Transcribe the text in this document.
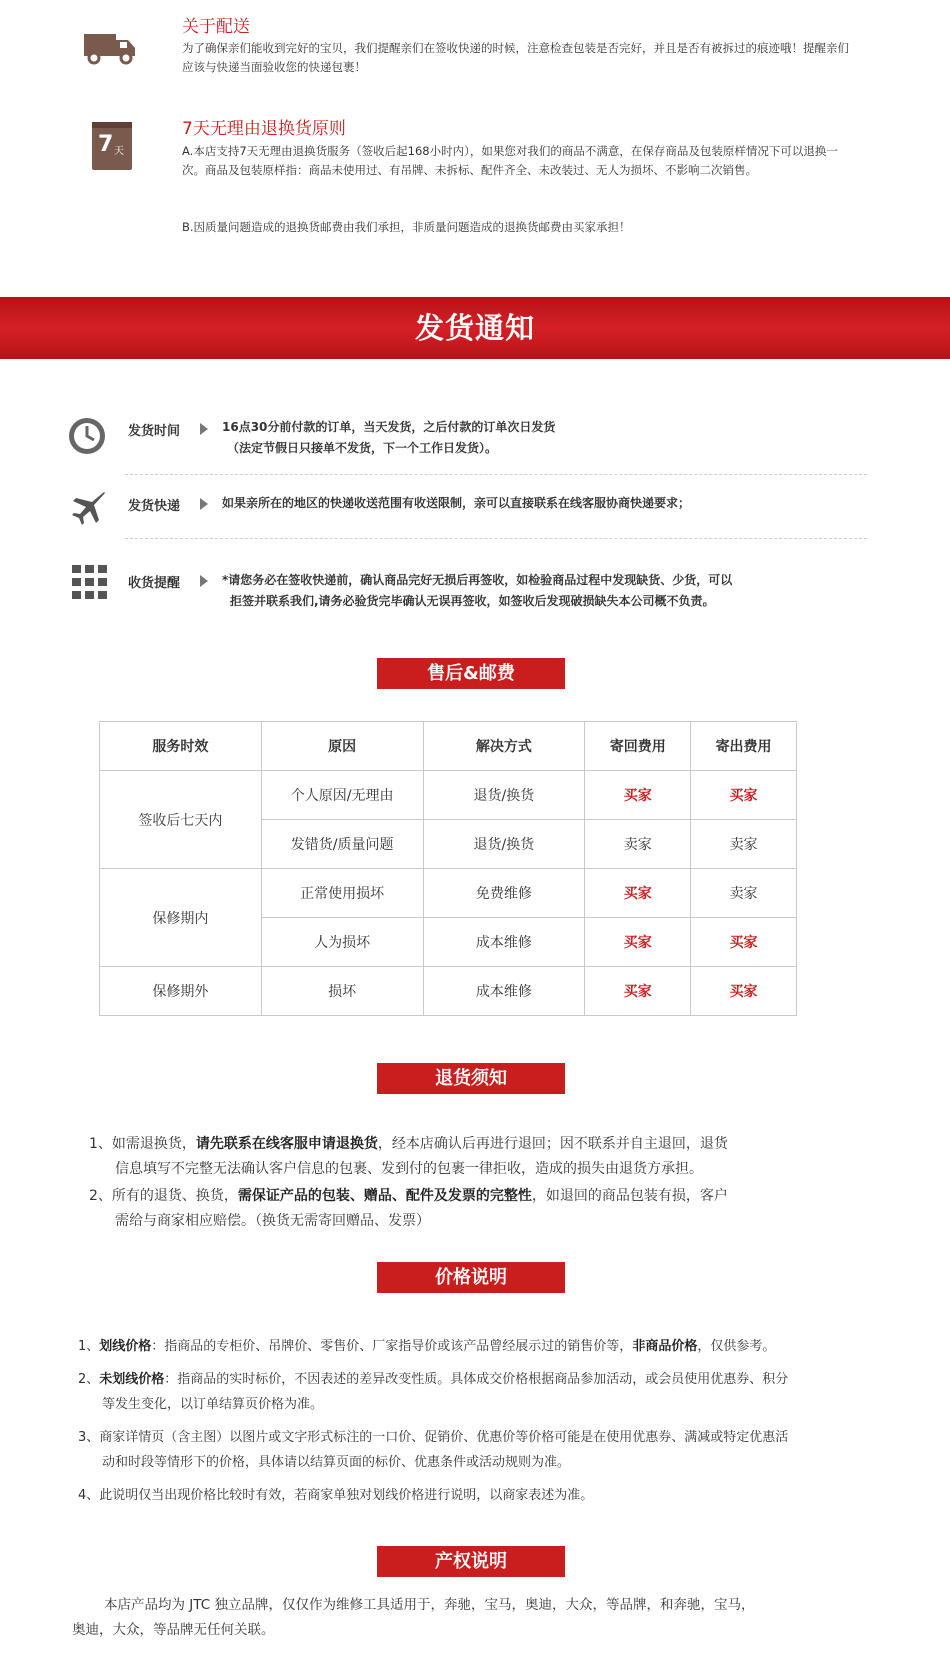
关于配送
为了确保亲们能收到完好的宝贝，我们提醒亲们在签收快递的时候，注意检查包装是否完好，并且是否有被拆过的痕迹哦！提醒亲们应该与快递当面验收您的快递包裹！
7 天
7天无理由退换货原则
A.本店支持7天无理由退换货服务（签收后起168小时内），如果您对我们的商品不满意，在保存商品及包装原样情况下可以退换一次。商品及包装原样指：商品未使用过、有吊牌、未拆标、配件齐全、未改装过、无人为损坏、不影响二次销售。
B.因质量问题造成的退换货邮费由我们承担，非质量问题造成的退换货邮费由买家承担！
发货通知
发货时间	16点30分前付款的订单，当天发货，之后付款的订单次日发货
（法定节假日只接单不发货，下一个工作日发货）。
发货快递	如果亲所在的地区的快递收送范围有收送限制，亲可以直接联系在线客服协商快递要求；
收货提醒	*请您务必在签收快递前，确认商品完好无损后再签收，如检验商品过程中发现缺货、少货，可以
拒签并联系我们,请务必验货完毕确认无误再签收，如签收后发现破损缺失本公司概不负责。
售后&邮费
服务时效	原因	解决方式	寄回费用	寄出费用
签收后七天内	个人原因/无理由	退货/换货	买家	买家
	发错货/质量问题	退货/换货	卖家	卖家
保修期内	正常使用损坏	免费维修	买家	卖家
	人为损坏	成本维修	买家	买家
保修期外	损坏	成本维修	买家	买家
退货须知
1、如需退换货，请先联系在线客服申请退换货，经本店确认后再进行退回；因不联系并自主退回，退货
信息填写不完整无法确认客户信息的包裹、发到付的包裹一律拒收，造成的损失由退货方承担。
2、所有的退货、换货，需保证产品的包装、赠品、配件及发票的完整性，如退回的商品包装有损，客户
需给与商家相应赔偿。（换货无需寄回赠品、发票）
价格说明
1、划线价格：指商品的专柜价、吊牌价、零售价、厂家指导价或该产品曾经展示过的销售价等，非商品价格，仅供参考。
2、未划线价格：指商品的实时标价，不因表述的差异改变性质。具体成交价格根据商品参加活动，或会员使用优惠券、积分
等发生变化，以订单结算页价格为准。
3、商家详情页（含主图）以图片或文字形式标注的一口价、促销价、优惠价等价格可能是在使用优惠券、满减或特定优惠活
动和时段等情形下的价格，具体请以结算页面的标价、优惠条件或活动规则为准。
4、此说明仅当出现价格比较时有效，若商家单独对划线价格进行说明，以商家表述为准。
产权说明
本店产品均为 JTC 独立品牌，仅仅作为维修工具适用于，奔驰，宝马，奥迪，大众，等品牌，和奔驰，宝马，
奥迪，大众，等品牌无任何关联。
